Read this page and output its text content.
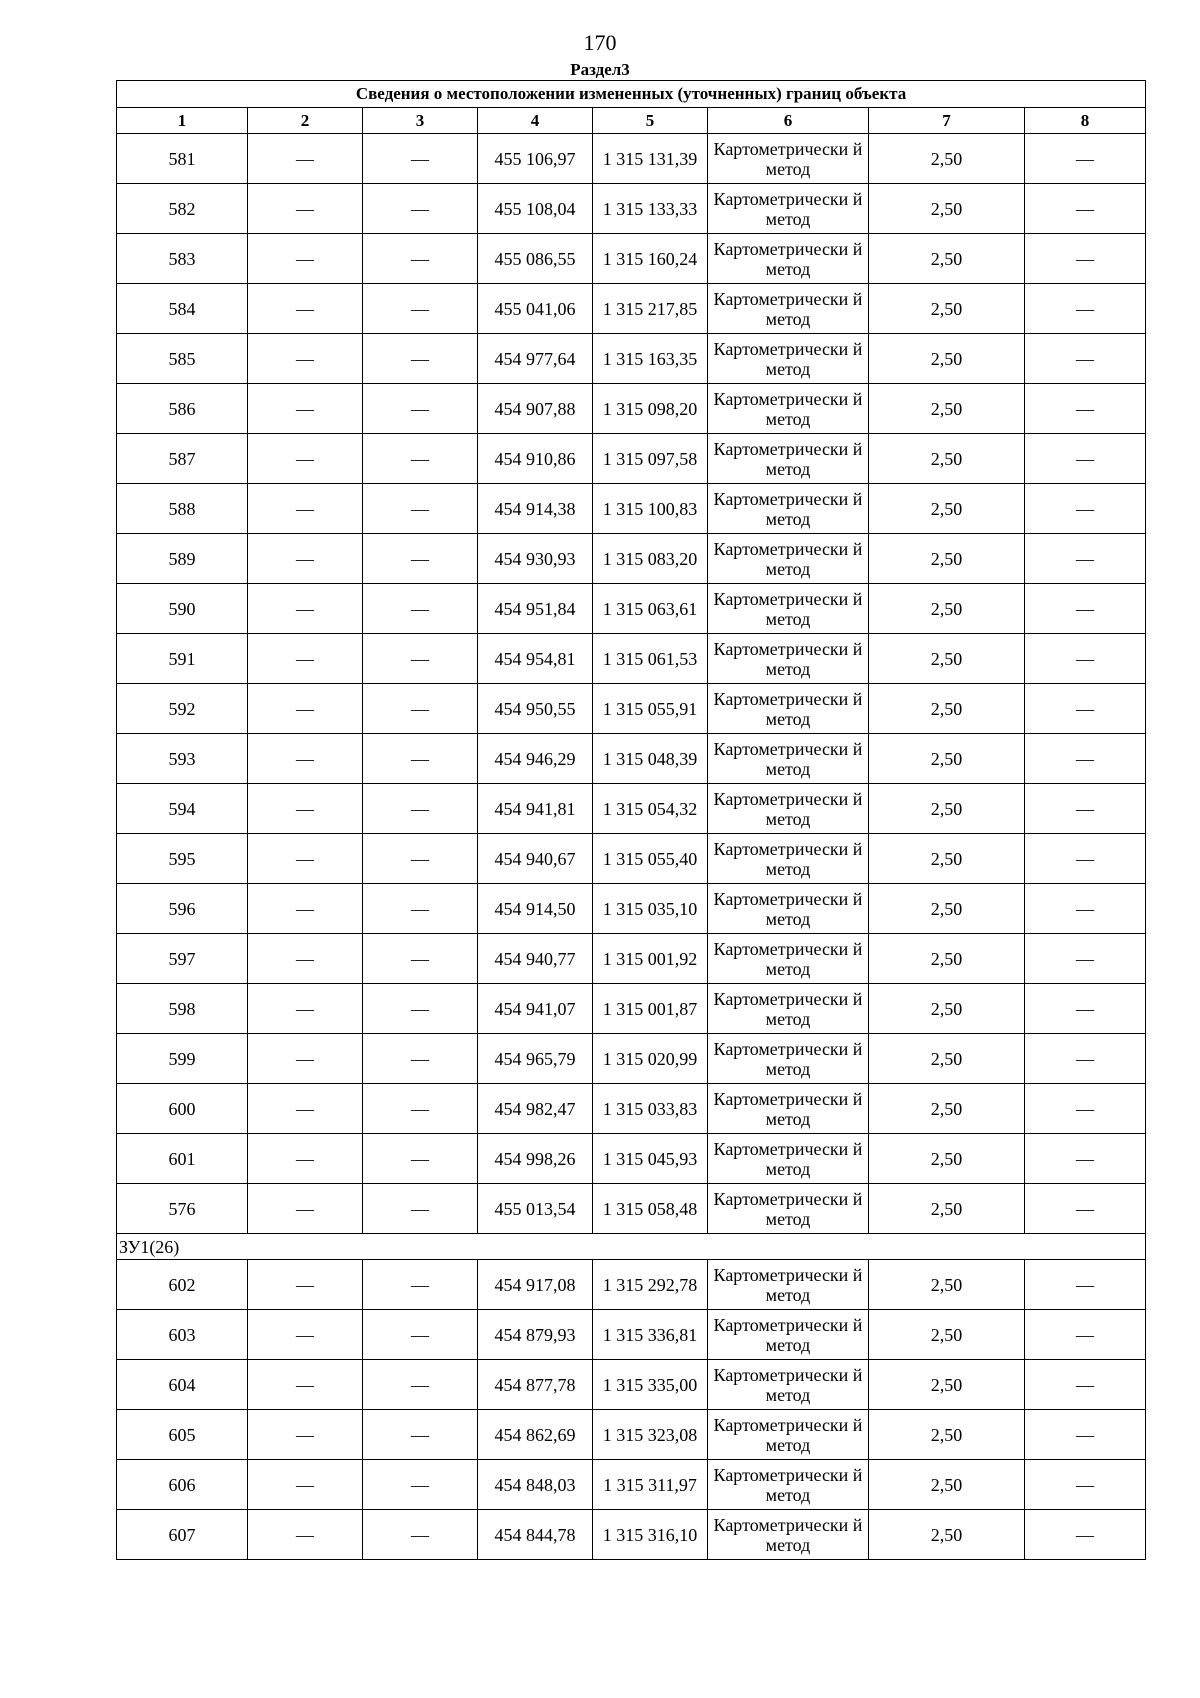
170
Раздел3
Сведения о местоположении измененных (уточненных) границ объекта							
1	2	3	4	5	6	7	8
581	—	—	455 106,97	1 315 131,39	Картометрически й метод	2,50	—
582	—	—	455 108,04	1 315 133,33	Картометрически й метод	2,50	—
583	—	—	455 086,55	1 315 160,24	Картометрически й метод	2,50	—
584	—	—	455 041,06	1 315 217,85	Картометрически й метод	2,50	—
585	—	—	454 977,64	1 315 163,35	Картометрически й метод	2,50	—
586	—	—	454 907,88	1 315 098,20	Картометрически й метод	2,50	—
587	—	—	454 910,86	1 315 097,58	Картометрически й метод	2,50	—
588	—	—	454 914,38	1 315 100,83	Картометрически й метод	2,50	—
589	—	—	454 930,93	1 315 083,20	Картометрически й метод	2,50	—
590	—	—	454 951,84	1 315 063,61	Картометрически й метод	2,50	—
591	—	—	454 954,81	1 315 061,53	Картометрически й метод	2,50	—
592	—	—	454 950,55	1 315 055,91	Картометрически й метод	2,50	—
593	—	—	454 946,29	1 315 048,39	Картометрически й метод	2,50	—
594	—	—	454 941,81	1 315 054,32	Картометрически й метод	2,50	—
595	—	—	454 940,67	1 315 055,40	Картометрически й метод	2,50	—
596	—	—	454 914,50	1 315 035,10	Картометрически й метод	2,50	—
597	—	—	454 940,77	1 315 001,92	Картометрически й метод	2,50	—
598	—	—	454 941,07	1 315 001,87	Картометрически й метод	2,50	—
599	—	—	454 965,79	1 315 020,99	Картометрически й метод	2,50	—
600	—	—	454 982,47	1 315 033,83	Картометрически й метод	2,50	—
601	—	—	454 998,26	1 315 045,93	Картометрически й метод	2,50	—
576	—	—	455 013,54	1 315 058,48	Картометрически й метод	2,50	—
ЗУ1(26)							
602	—	—	454 917,08	1 315 292,78	Картометрически й метод	2,50	—
603	—	—	454 879,93	1 315 336,81	Картометрически й метод	2,50	—
604	—	—	454 877,78	1 315 335,00	Картометрически й метод	2,50	—
605	—	—	454 862,69	1 315 323,08	Картометрически й метод	2,50	—
606	—	—	454 848,03	1 315 311,97	Картометрически й метод	2,50	—
607	—	—	454 844,78	1 315 316,10	Картометрически й метод	2,50	—
